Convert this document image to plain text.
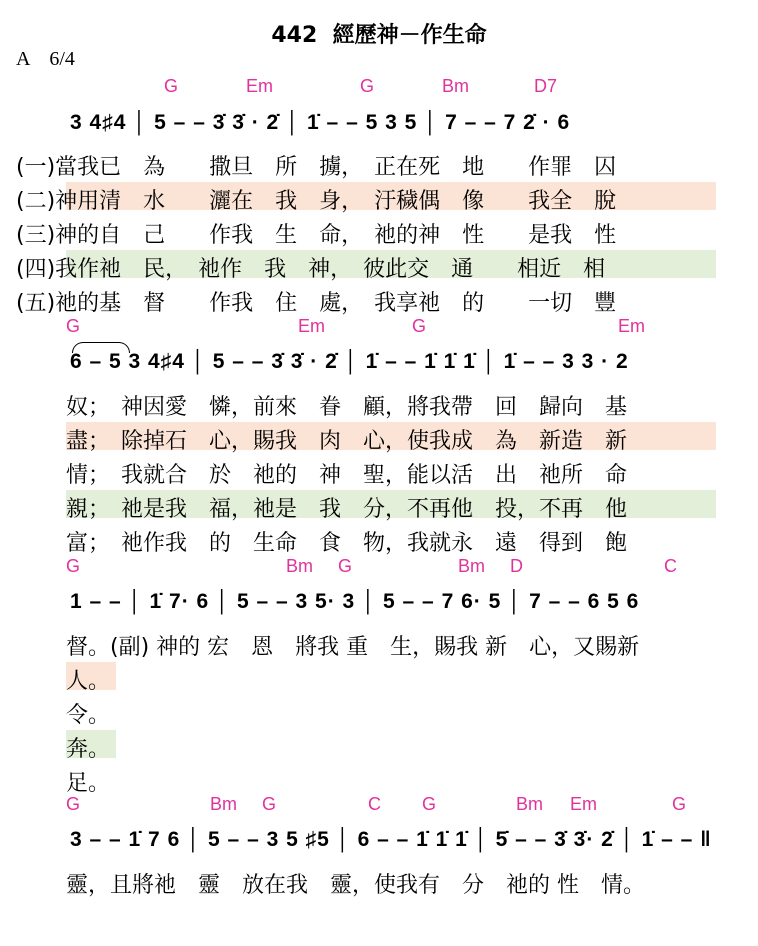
442  經歷神－作生命
A    6/4
G	Em	G	Bm	D7
3 4♯4 │ 5 – – 3̇ 3̇ · 2̇ │ 1̇ – – 5 3 5 │ 7 – – 7 2̇ · 6
(一)當我已　為　　撒旦　所　擄，　正在死　地　　作罪　囚
(二)神用清　水　　灑在　我　身，　汙穢偶　像　　我全　脫
(三)神的自　己　　作我　生　命，　祂的神　性　　是我　性
(四)我作祂　民，　祂作　我　神，　彼此交　通　　相近　相
(五)祂的基　督　　作我　住　處，　我享祂　的　　一切　豐
G	Em	G	Em
6 – 5 3 4♯4 │ 5 – – 3̇ 3̇ · 2̇ │ 1̇ – – 1̇ 1̇ 1̇ │ 1̇ – – 3 3 · 2
奴；　神因愛　憐，前來　眷　顧，將我帶　回　歸向　基
盡；　除掉石　心，賜我　肉　心，使我成　為　新造　新
情；　我就合　於　祂的　神　聖，能以活　出　祂所　命
親；　祂是我　福，祂是　我　分，不再他　投，不再　他
富；　祂作我　的　生命　食　物，我就永　遠　得到　飽
G	Bm G	Bm D	C
1 – – │ 1̇ 7· 6 │ 5 – – 3 5· 3 │ 5 – – 7 6· 5 │ 7 – – 6 5 6
督。(副) 神的 宏　恩　將我 重　生，賜我 新　心，又賜新
人。
令。
奔。
足。
G	Bm G	C G	Bm Em	G
3 – – 1̇ 7 6 │ 5 – – 3 5 ♯5 │ 6 – – 1̇ 1̇ 1̇ │ 5̇ – – 3̇ 3̇· 2̇ │ 1̇ – – ‖
靈，且將祂　靈　放在我　靈，使我有　分　祂的 性　情。
